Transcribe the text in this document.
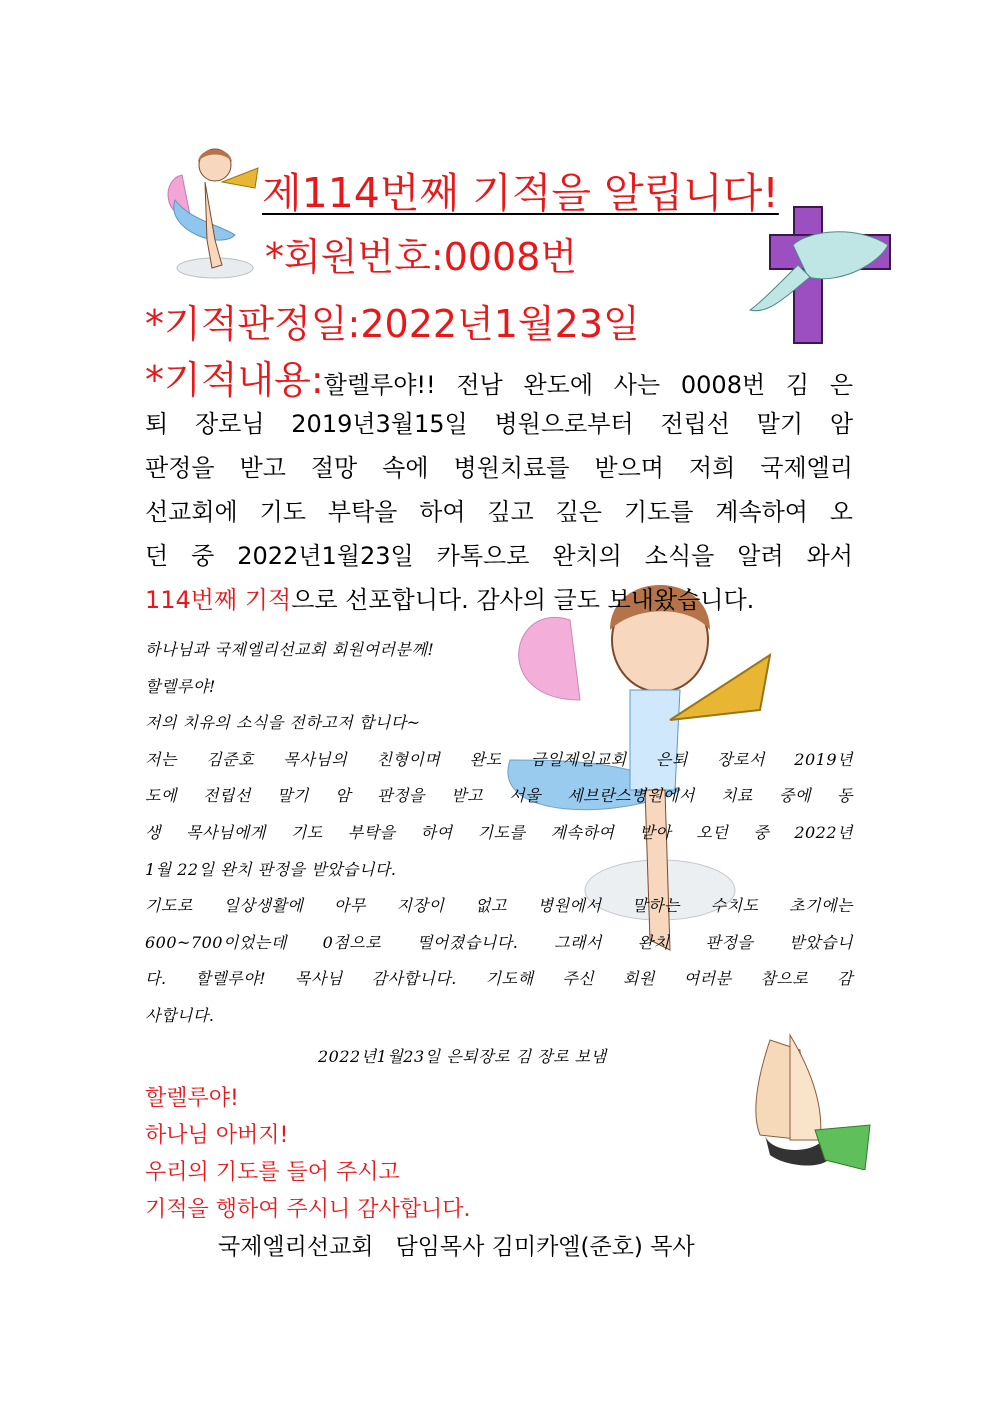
제114번째 기적을 알립니다!
*회원번호:0008번
*기적판정일:2022년1월23일
*기적내용:할렐루야!! 전남 완도에 사는 0008번 김 은
퇴 장로님 2019년3월15일 병원으로부터 전립선 말기 암
판정을 받고 절망 속에 병원치료를 받으며 저희 국제엘리
선교회에 기도 부탁을 하여 깊고 깊은 기도를 계속하여 오
던 중 2022년1월23일 카톡으로 완치의 소식을 알려 와서
114번째 기적으로 선포합니다. 감사의 글도 보내왔습니다.
하나님과 국제엘리선교회 회원여러분께!
할렐루야!
저의 치유의 소식을 전하고저 합니다~
저는 김준호 목사님의 친형이며 완도 금일제일교회 은퇴 장로서 2019년
도에 전립선 말기 암 판정을 받고 서울 세브란스병원에서 치료 중에 동
생 목사님에게 기도 부탁을 하여 기도를 계속하여 받아 오던 중 2022년
1월 22일 완치 판정을 받았습니다.
기도로 일상생활에 아무 지장이 없고 병원에서 말하는 수치도 초기에는
600~700이었는데 0점으로 떨어졌습니다. 그래서 완치 판정을 받았습니
다. 할렐루야! 목사님 감사합니다. 기도해 주신 회원 여러분 참으로 감
사합니다.
2022년1월23일 은퇴장로 김 장로 보냄
할렐루야!
하나님 아버지!
우리의 기도를 들어 주시고
기적을 행하여 주시니 감사합니다.
국제엘리선교회   담임목사 김미카엘(준호) 목사
